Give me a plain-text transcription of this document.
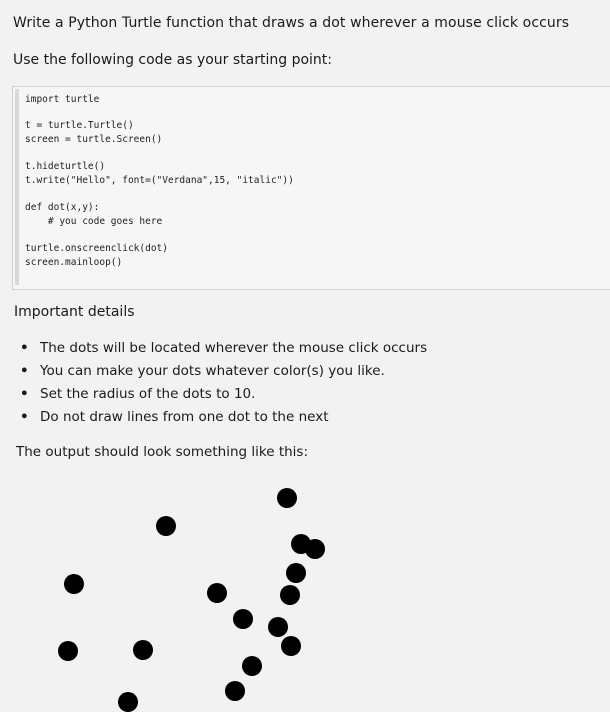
Write a Python Turtle function that draws a dot wherever a mouse click occurs
Use the following code as your starting point:
import turtle
t = turtle.Turtle()
screen = turtle.Screen()
t.hideturtle()
t.write("Hello", font=("Verdana",15, "italic"))
def dot(x,y):
# you code goes here
turtle.onscreenclick(dot)
screen.mainloop()
Important details
• The dots will be located wherever the mouse click occurs
• You can make your dots whatever color(s) you like.
• Set the radius of the dots to 10.
• Do not draw lines from one dot to the next
The output should look something like this:
